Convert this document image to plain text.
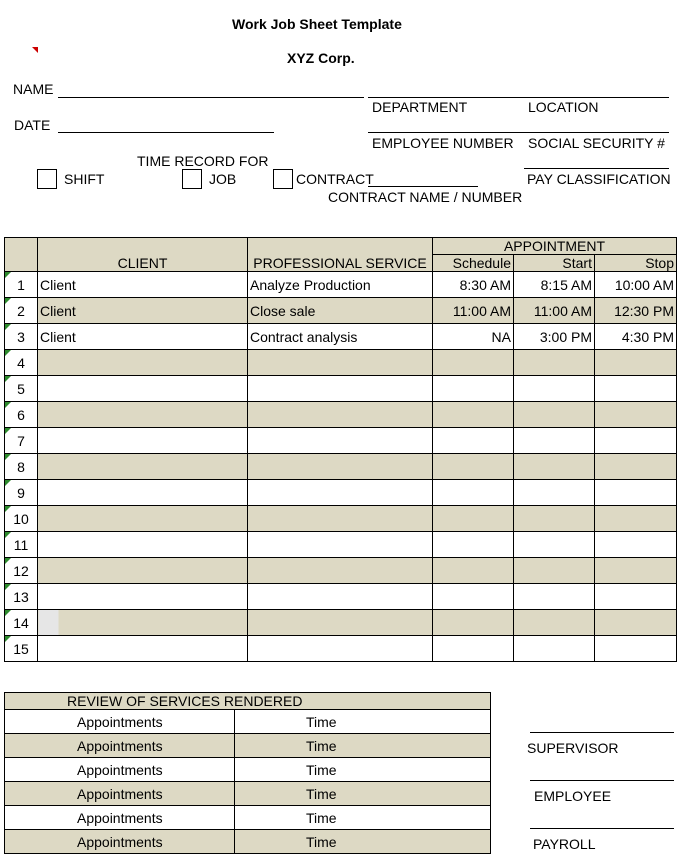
Work Job Sheet Template
XYZ Corp.
NAME
DATE
DEPARTMENT	LOCATION
EMPLOYEE NUMBER SOCIAL SECURITY #
PAY CLASSIFICATION
TIME RECORD FOR
SHIFT	JOB	CONTRACT
CONTRACT NAME / NUMBER
	CLIENT	PROFESSIONAL SERVICE	APPOINTMENT		
			Schedule	Start	Stop

1	Client	Analyze Production	8:30 AM	8:15 AM	10:00 AM

2	Client	Close sale	11:00 AM	11:00 AM	12:30 PM

3	Client	Contract analysis	NA	3:00 PM	4:30 PM

4					

5					

6					

7					

8					

9					

10					

11					

12					

13					

14					

15					
REVIEW OF SERVICES RENDERED	
Appointments	Time
Appointments	Time
Appointments	Time
Appointments	Time
Appointments	Time
Appointments	Time
SUPERVISOR
EMPLOYEE
PAYROLL
